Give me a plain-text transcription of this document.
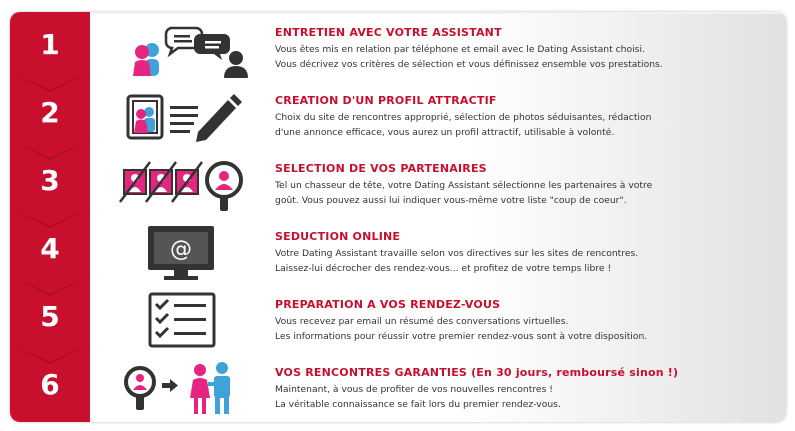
1
2
3
4
5
6
ENTRETIEN AVEC VOTRE ASSISTANT
Vous êtes mis en relation par téléphone et email avec le Dating Assistant choisi.
Vous décrivez vos critères de sélection et vous définissez ensemble vos prestations.
CREATION D'UN PROFIL ATTRACTIF
Choix du site de rencontres approprié, sélection de photos séduisantes, rédaction
d'une annonce efficace, vous aurez un profil attractif, utilisable à volonté.
SELECTION DE VOS PARTENAIRES
Tel un chasseur de tête, votre Dating Assistant sélectionne les partenaires à votre
goût. Vous pouvez aussi lui indiquer vous-même votre liste "coup de coeur".
@
SEDUCTION ONLINE
Votre Dating Assistant travaille selon vos directives sur les sites de rencontres.
Laissez-lui décrocher des rendez-vous... et profitez de votre temps libre !
PREPARATION A VOS RENDEZ-VOUS
Vous recevez par email un résumé des conversations virtuelles.
Les informations pour réussir votre premier rendez-vous sont à votre disposition.
VOS RENCONTRES GARANTIES (En 30 jours, remboursé sinon !)
Maintenant, à vous de profiter de vos nouvelles rencontres !
La véritable connaissance se fait lors du premier rendez-vous.
